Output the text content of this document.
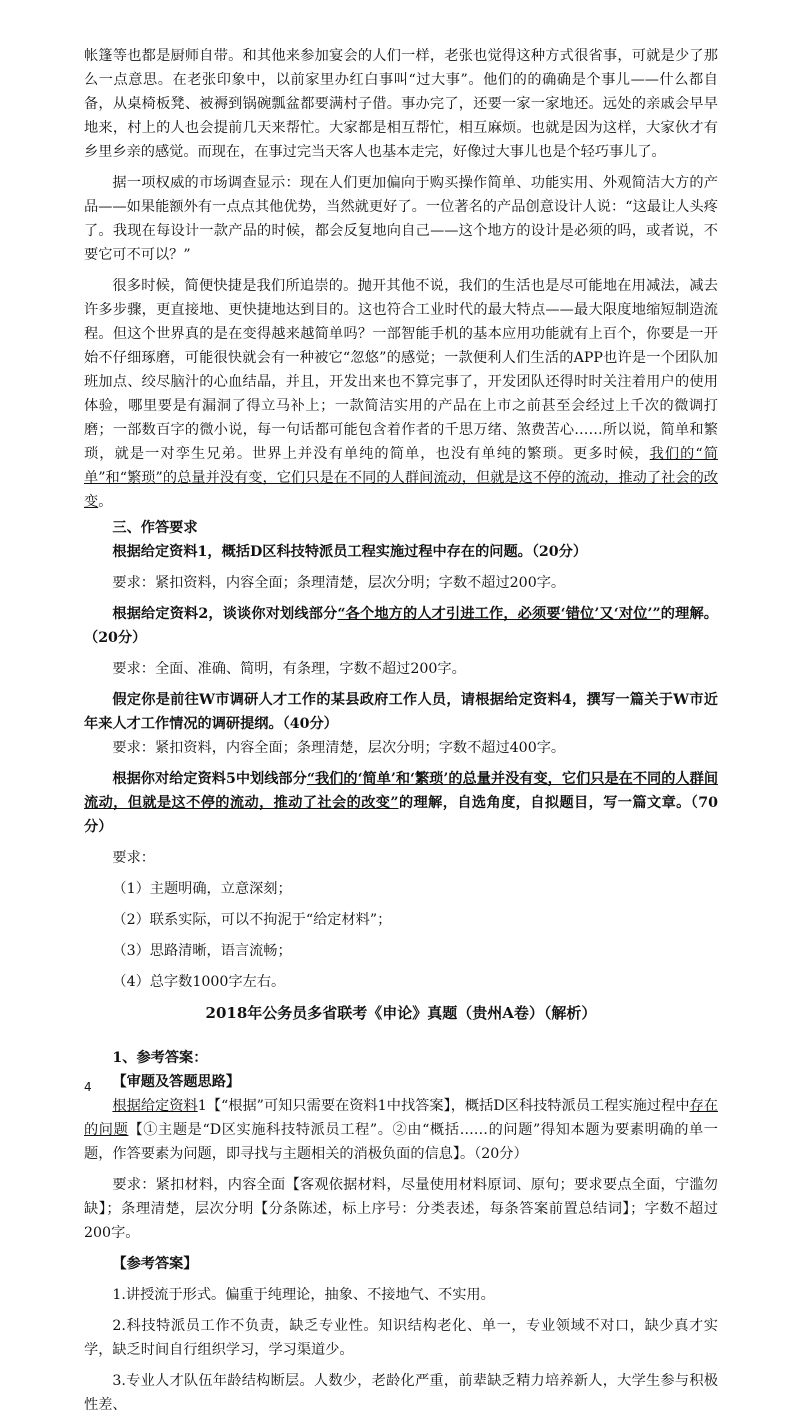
帐篷等也都是厨师自带。和其他来参加宴会的人们一样，老张也觉得这种方式很省事，可就是少了那么一点意思。在老张印象中，以前家里办红白事叫“过大事”。他们的的确确是个事儿——什么都自备，从桌椅板凳、被褥到锅碗瓢盆都要满村子借。事办完了，还要一家一家地还。远处的亲戚会早早地来，村上的人也会提前几天来帮忙。大家都是相互帮忙，相互麻烦。也就是因为这样，大家伙才有乡里乡亲的感觉。而现在，在事过完当天客人也基本走完，好像过大事儿也是个轻巧事儿了。

据一项权威的市场调查显示：现在人们更加偏向于购买操作简单、功能实用、外观简洁大方的产品——如果能额外有一点点其他优势，当然就更好了。一位著名的产品创意设计人说：“这最让人头疼了。我现在每设计一款产品的时候，都会反复地向自己——这个地方的设计是必须的吗，或者说，不要它可不可以？”

很多时候，简便快捷是我们所追崇的。抛开其他不说，我们的生活也是尽可能地在用减法，减去许多步骤，更直接地、更快捷地达到目的。这也符合工业时代的最大特点——最大限度地缩短制造流程。但这个世界真的是在变得越来越简单吗？一部智能手机的基本应用功能就有上百个，你要是一开始不仔细琢磨，可能很快就会有一种被它“忽悠”的感觉；一款便利人们生活的APP也许是一个团队加班加点、绞尽脑汁的心血结晶，并且，开发出来也不算完事了，开发团队还得时时关注着用户的使用体验，哪里要是有漏洞了得立马补上；一款简洁实用的产品在上市之前甚至会经过上千次的微调打磨；一部数百字的微小说，每一句话都可能包含着作者的千思万绪、煞费苦心……所以说，简单和繁琐，就是一对孪生兄弟。世界上并没有单纯的简单，也没有单纯的繁琐。更多时候，我们的“简单”和“繁琐”的总量并没有变，它们只是在不同的人群间流动，但就是这不停的流动，推动了社会的改变。

三、作答要求

根据给定资料1，概括D区科技特派员工程实施过程中存在的问题。（20分）

要求：紧扣资料，内容全面；条理清楚，层次分明；字数不超过200字。

根据给定资料2，谈谈你对划线部分“各个地方的人才引进工作，必须要‘错位’又‘对位’”的理解。（20分）

要求：全面、准确、简明，有条理，字数不超过200字。

假定你是前往W市调研人才工作的某县政府工作人员，请根据给定资料4，撰写一篇关于W市近年来人才工作情况的调研提纲。（40分）

要求：紧扣资料，内容全面；条理清楚，层次分明；字数不超过400字。

根据你对给定资料5中划线部分“我们的‘简单’和‘繁琐’的总量并没有变，它们只是在不同的人群间流动，但就是这不停的流动，推动了社会的改变”的理解，自选角度，自拟题目，写一篇文章。（70分）

要求：

（1）主题明确，立意深刻；

（2）联系实际，可以不拘泥于“给定材料”；

（3）思路清晰，语言流畅；

（4）总字数1000字左右。

2018年公务员多省联考《申论》真题（贵州A卷）（解析）

1、参考答案：

【审题及答题思路】

根据给定资料1【“根据”可知只需要在资料1中找答案】，概括D区科技特派员工程实施过程中存在的问题【①主题是“D区实施科技特派员工程”。②由“概括……的问题”得知本题为要素明确的单一题，作答要素为问题，即寻找与主题相关的消极负面的信息】。（20分）

要求：紧扣材料，内容全面【客观依据材料，尽量使用材料原词、原句；要求要点全面，宁滥勿缺】；条理清楚，层次分明【分条陈述，标上序号：分类表述，每条答案前置总结词】；字数不超过200字。

【参考答案】

1.讲授流于形式。偏重于纯理论，抽象、不接地气、不实用。

2.科技特派员工作不负责，缺乏专业性。知识结构老化、单一，专业领域不对口，缺少真才实学，缺乏时间自行组织学习，学习渠道少。

3.专业人才队伍年龄结构断层。人数少，老龄化严重，前辈缺乏精力培养新人，大学生参与积极性差、

4
